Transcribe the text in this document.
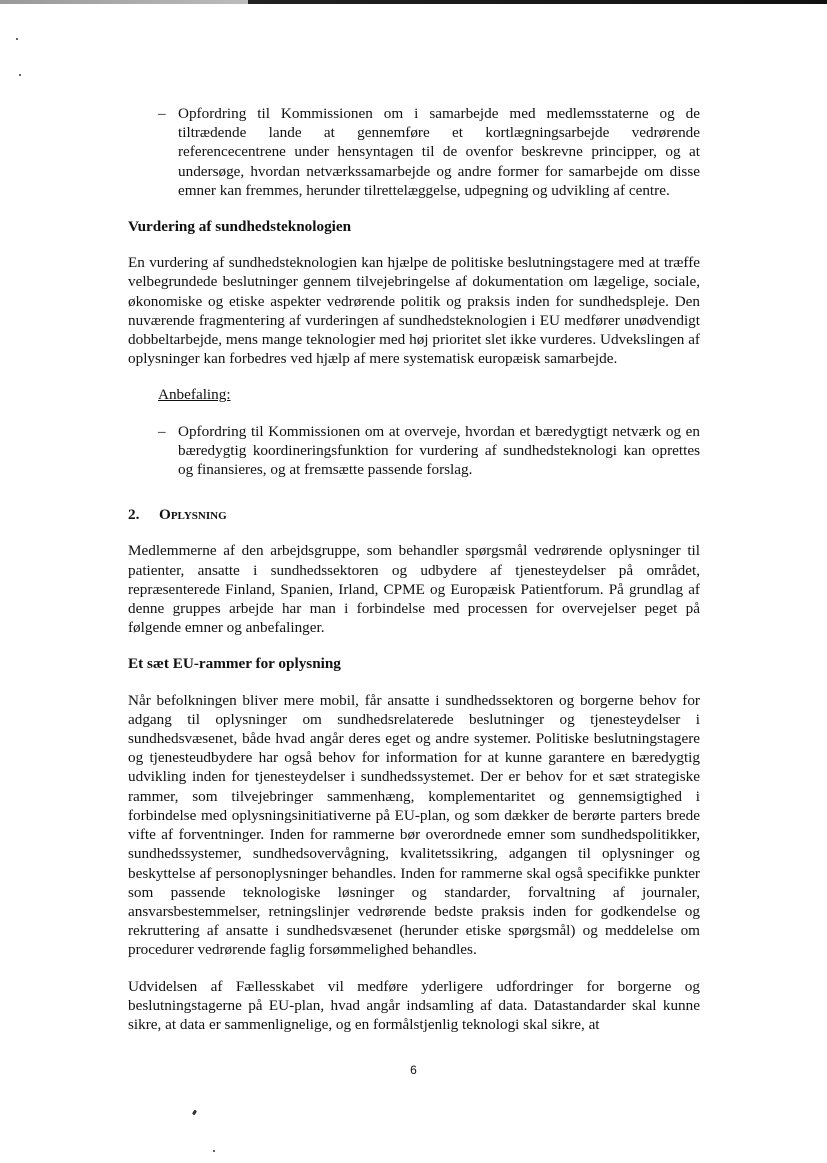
– Opfordring til Kommissionen om i samarbejde med medlemsstaterne og de tiltrædende lande at gennemføre et kortlægningsarbejde vedrørende referencecentrene under hensyntagen til de ovenfor beskrevne principper, og at undersøge, hvordan netværkssamarbejde og andre former for samarbejde om disse emner kan fremmes, herunder tilrettelæggelse, udpegning og udvikling af centre.

Vurdering af sundhedsteknologien

En vurdering af sundhedsteknologien kan hjælpe de politiske beslutningstagere med at træffe velbegrundede beslutninger gennem tilvejebringelse af dokumentation om lægelige, sociale, økonomiske og etiske aspekter vedrørende politik og praksis inden for sundhedspleje. Den nuværende fragmentering af vurderingen af sundhedsteknologien i EU medfører unødvendigt dobbeltarbejde, mens mange teknologier med høj prioritet slet ikke vurderes. Udvekslingen af oplysninger kan forbedres ved hjælp af mere systematisk europæisk samarbejde.

Anbefaling:

– Opfordring til Kommissionen om at overveje, hvordan et bæredygtigt netværk og en bæredygtig koordineringsfunktion for vurdering af sundhedsteknologi kan oprettes og finansieres, og at fremsætte passende forslag.

2. Oplysning

Medlemmerne af den arbejdsgruppe, som behandler spørgsmål vedrørende oplysninger til patienter, ansatte i sundhedssektoren og udbydere af tjenesteydelser på området, repræsenterede Finland, Spanien, Irland, CPME og Europæisk Patientforum. På grundlag af denne gruppes arbejde har man i forbindelse med processen for overvejelser peget på følgende emner og anbefalinger.

Et sæt EU-rammer for oplysning

Når befolkningen bliver mere mobil, får ansatte i sundhedssektoren og borgerne behov for adgang til oplysninger om sundhedsrelaterede beslutninger og tjenesteydelser i sundhedsvæsenet, både hvad angår deres eget og andre systemer. Politiske beslutningstagere og tjenesteudbydere har også behov for information for at kunne garantere en bæredygtig udvikling inden for tjenesteydelser i sundhedssystemet. Der er behov for et sæt strategiske rammer, som tilvejebringer sammenhæng, komplementaritet og gennemsigtighed i forbindelse med oplysningsinitiativerne på EU-plan, og som dækker de berørte parters brede vifte af forventninger. Inden for rammerne bør overordnede emner som sundhedspolitikker, sundhedssystemer, sundhedsovervågning, kvalitetssikring, adgangen til oplysninger og beskyttelse af personoplysninger behandles. Inden for rammerne skal også specifikke punkter som passende teknologiske løsninger og standarder, forvaltning af journaler, ansvarsbestemmelser, retningslinjer vedrørende bedste praksis inden for godkendelse og rekruttering af ansatte i sundhedsvæsenet (herunder etiske spørgsmål) og meddelelse om procedurer vedrørende faglig forsømmelighed behandles.

Udvidelsen af Fællesskabet vil medføre yderligere udfordringer for borgerne og beslutningstagerne på EU-plan, hvad angår indsamling af data. Datastandarder skal kunne sikre, at data er sammenlignelige, og en formålstjenlig teknologi skal sikre, at

6
